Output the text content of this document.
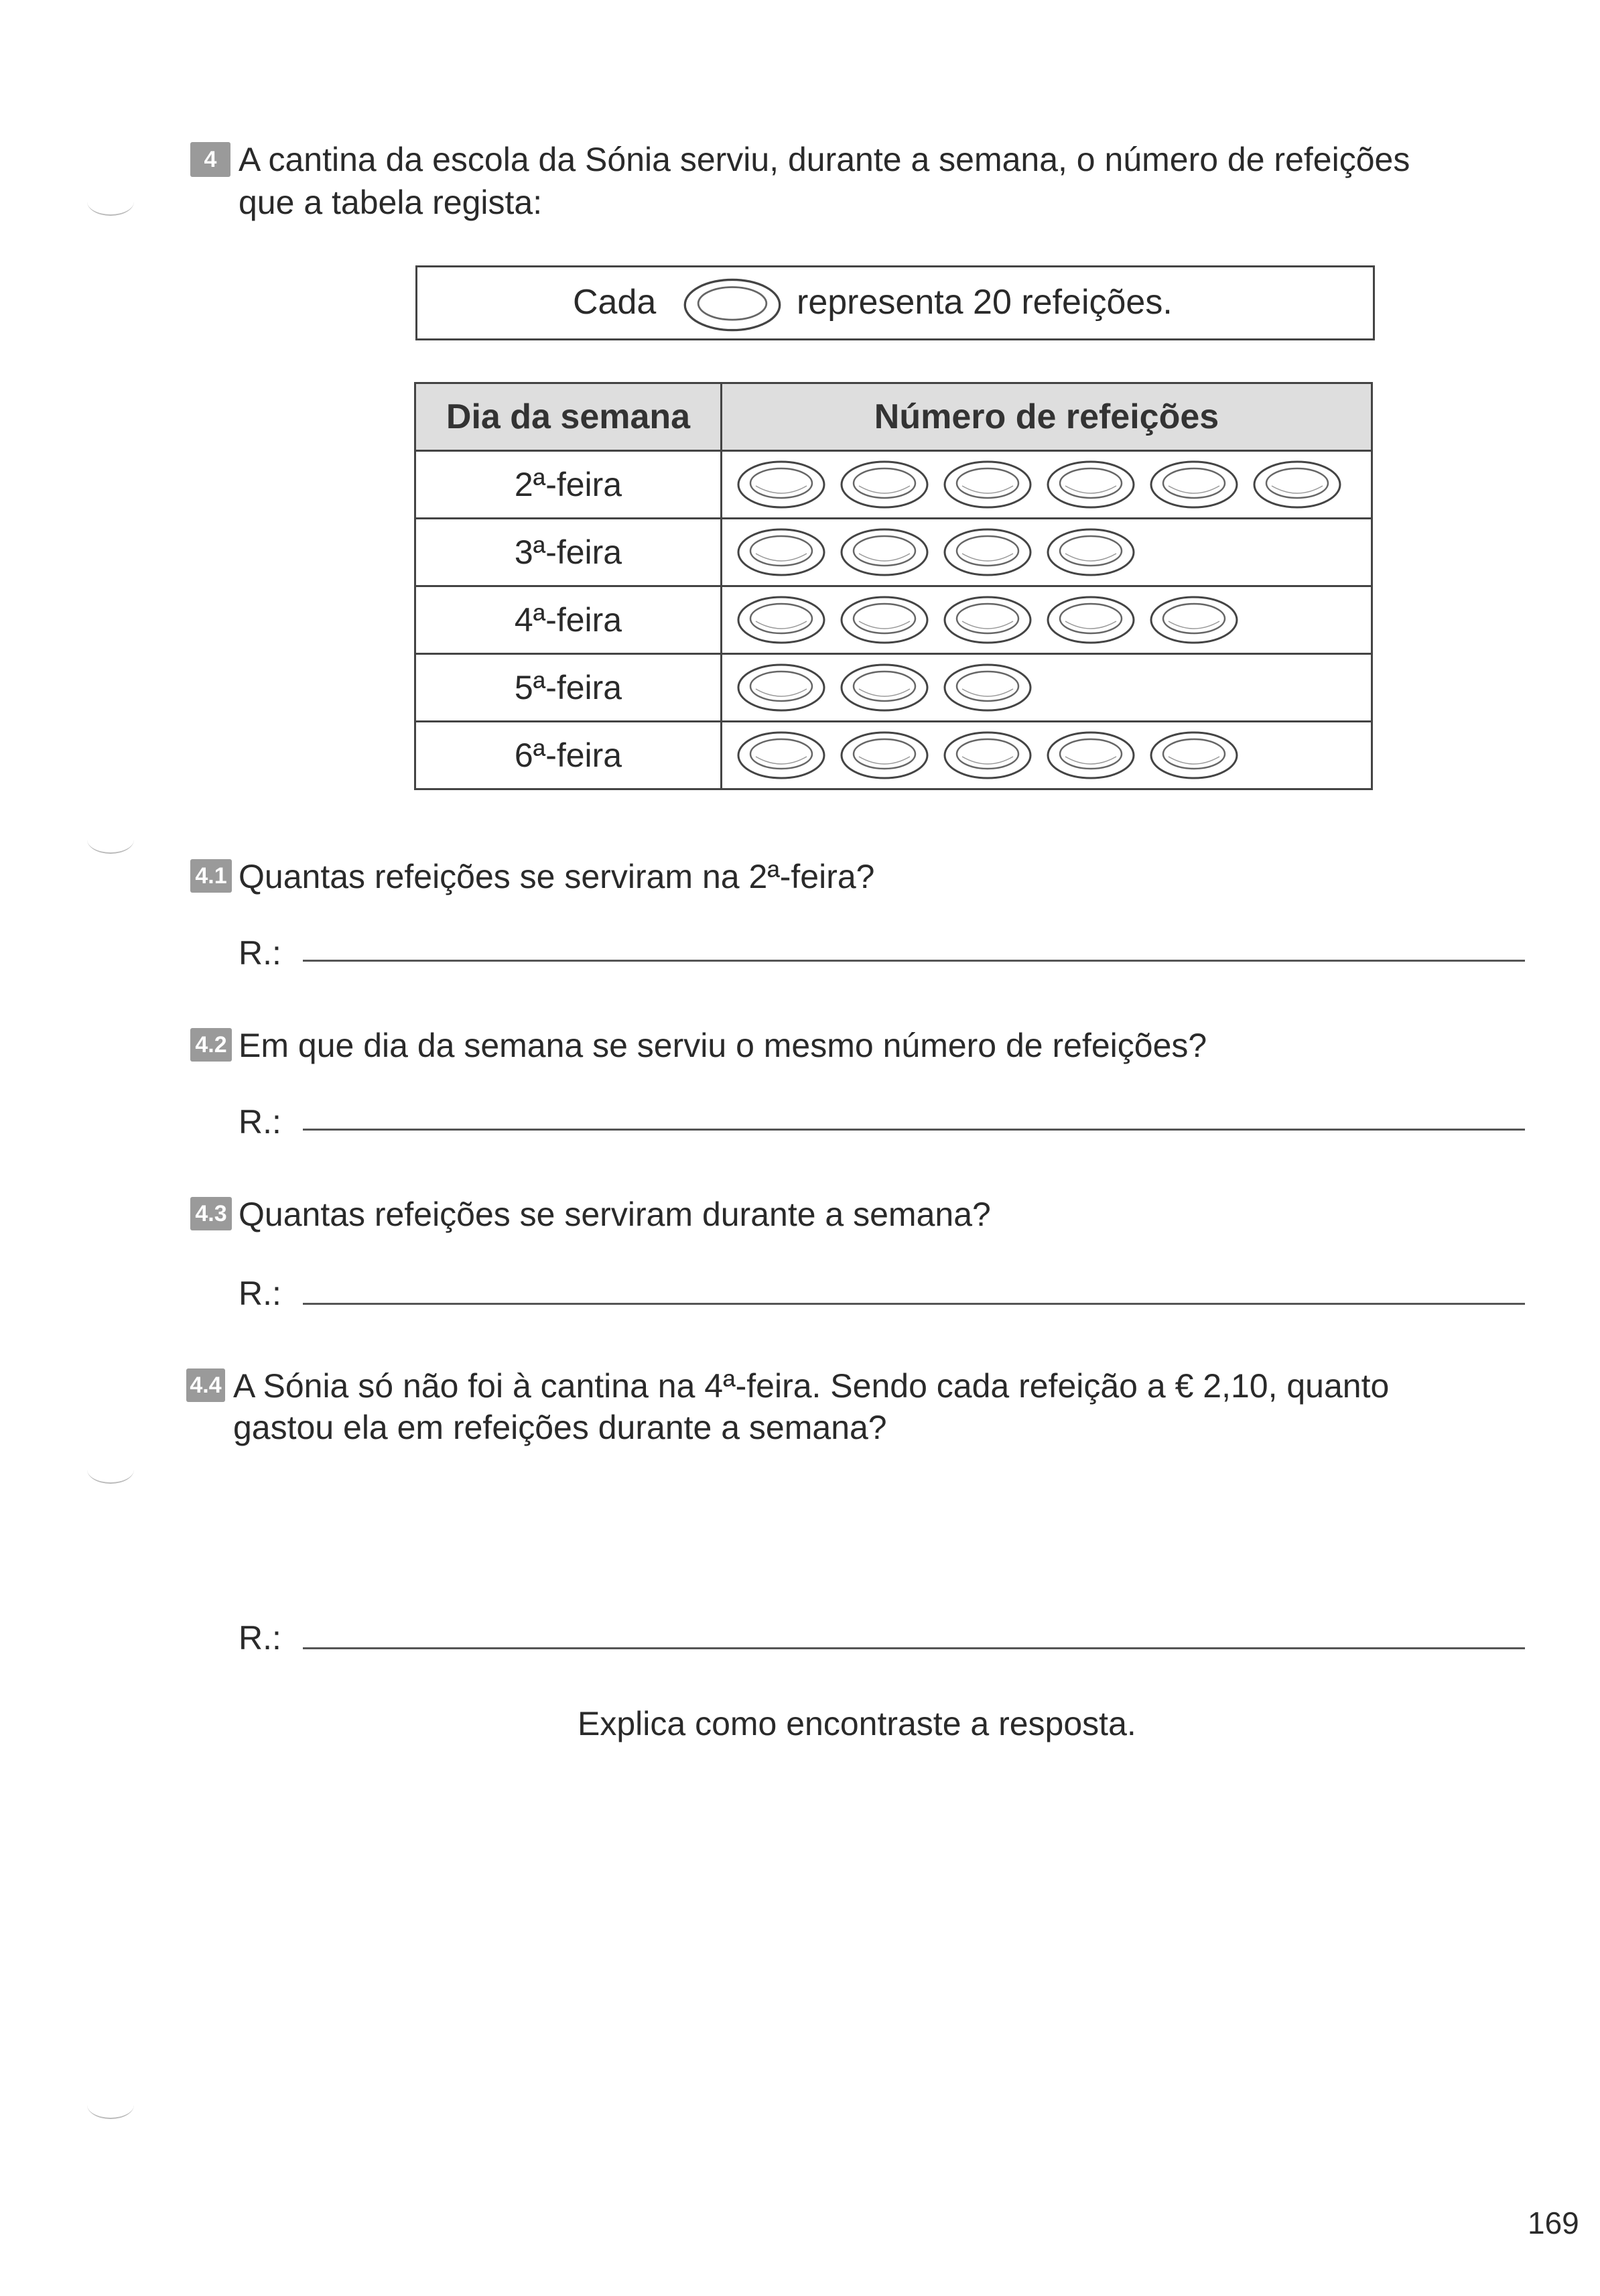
4 A cantina da escola da Sónia serviu, durante a semana, o número de refeições
que a tabela regista:
Cada	representa 20 refeições.
Dia da semana	Número de refeições
2ª-feira	

3ª-feira	

4ª-feira	

5ª-feira	

6ª-feira	
4.1 Quantas refeições se serviram na 2ª-feira?
R.:
4.2 Em que dia da semana se serviu o mesmo número de refeições?
R.:
4.3 Quantas refeições se serviram durante a semana?
R.:
4.4 A Sónia só não foi à cantina na 4ª-feira. Sendo cada refeição a € 2,10, quanto
gastou ela em refeições durante a semana?
R.:
Explica como encontraste a resposta.
169
